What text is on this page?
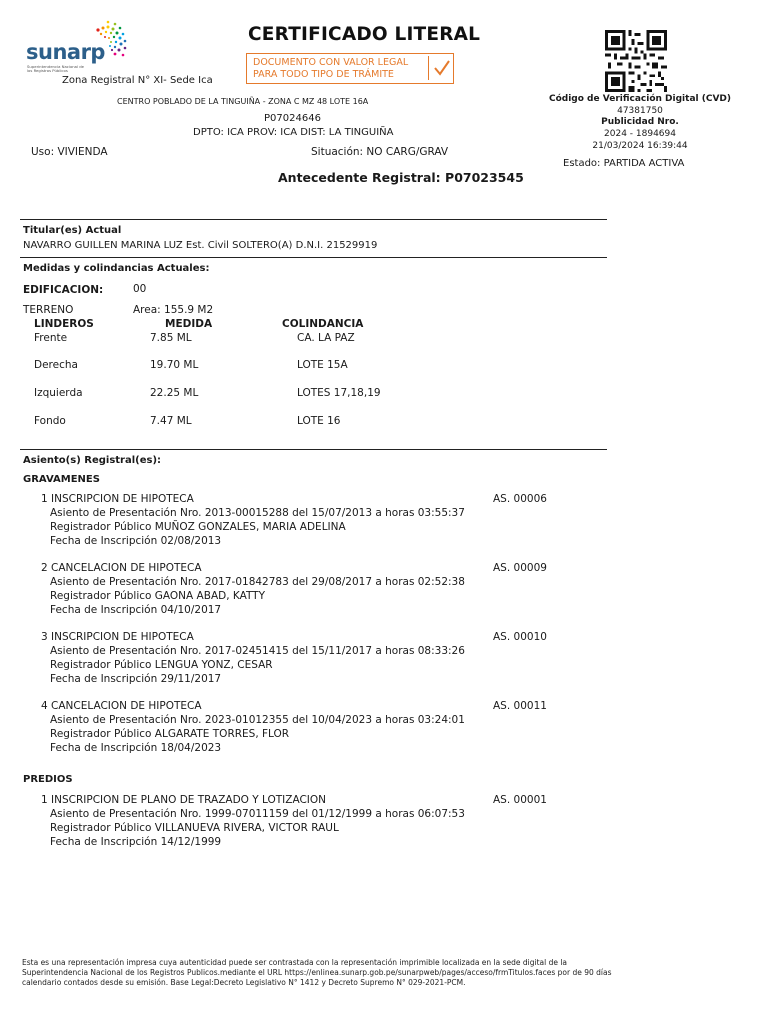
sunarp
Superintendencia Nacional de los Registros Públicos
Zona Registral N° XI- Sede Ica
CERTIFICADO LITERAL
DOCUMENTO CON VALOR LEGAL
PARA TODO TIPO DE TRÁMITE
Código de Verificación Digital (CVD)
47381750
Publicidad Nro.
2024 - 1894694
21/03/2024 16:39:44
Estado: PARTIDA ACTIVA
CENTRO POBLADO DE LA TINGUIÑA - ZONA C MZ 48 LOTE 16A
P07024646
DPTO: ICA PROV: ICA DIST: LA TINGUIÑA
Uso: VIVIENDA	Situación: NO CARG/GRAV
Antecedente Registral: P07023545
Titular(es) Actual
NAVARRO GUILLEN MARINA LUZ Est. Civil SOLTERO(A) D.N.I. 21529919
Medidas y colindancias Actuales:
EDIFICACION:	00
TERRENO	Area: 155.9 M2
LINDEROS	MEDIDA	COLINDANCIA
Frente	7.85 ML	CA. LA PAZ
Derecha	19.70 ML	LOTE 15A
Izquierda	22.25 ML	LOTES 17,18,19
Fondo	7.47 ML	LOTE 16
Asiento(s) Registral(es):
GRAVAMENES
1 INSCRIPCION DE HIPOTECA	AS. 00006
Asiento de Presentación Nro. 2013-00015288 del 15/07/2013 a horas 03:55:37
Registrador Público MUÑOZ GONZALES, MARIA ADELINA
Fecha de Inscripción 02/08/2013
2 CANCELACION DE HIPOTECA	AS. 00009
Asiento de Presentación Nro. 2017-01842783 del 29/08/2017 a horas 02:52:38
Registrador Público GAONA ABAD, KATTY
Fecha de Inscripción 04/10/2017
3 INSCRIPCION DE HIPOTECA	AS. 00010
Asiento de Presentación Nro. 2017-02451415 del 15/11/2017 a horas 08:33:26
Registrador Público LENGUA YONZ, CESAR
Fecha de Inscripción 29/11/2017
4 CANCELACION DE HIPOTECA	AS. 00011
Asiento de Presentación Nro. 2023-01012355 del 10/04/2023 a horas 03:24:01
Registrador Público ALGARATE TORRES, FLOR
Fecha de Inscripción 18/04/2023
PREDIOS
1 INSCRIPCION DE PLANO DE TRAZADO Y LOTIZACION	AS. 00001
Asiento de Presentación Nro. 1999-07011159 del 01/12/1999 a horas 06:07:53
Registrador Público VILLANUEVA RIVERA, VICTOR RAUL
Fecha de Inscripción 14/12/1999
Esta es una representación impresa cuya autenticidad puede ser contrastada con la representación imprimible localizada en la sede digital de la Superintendencia Nacional de los Registros Publicos.mediante el URL https://enlinea.sunarp.gob.pe/sunarpweb/pages/acceso/frmTitulos.faces por de 90 días calendario contados desde su emisión. Base Legal:Decreto Legislativo N° 1412 y Decreto Supremo N° 029-2021-PCM.
